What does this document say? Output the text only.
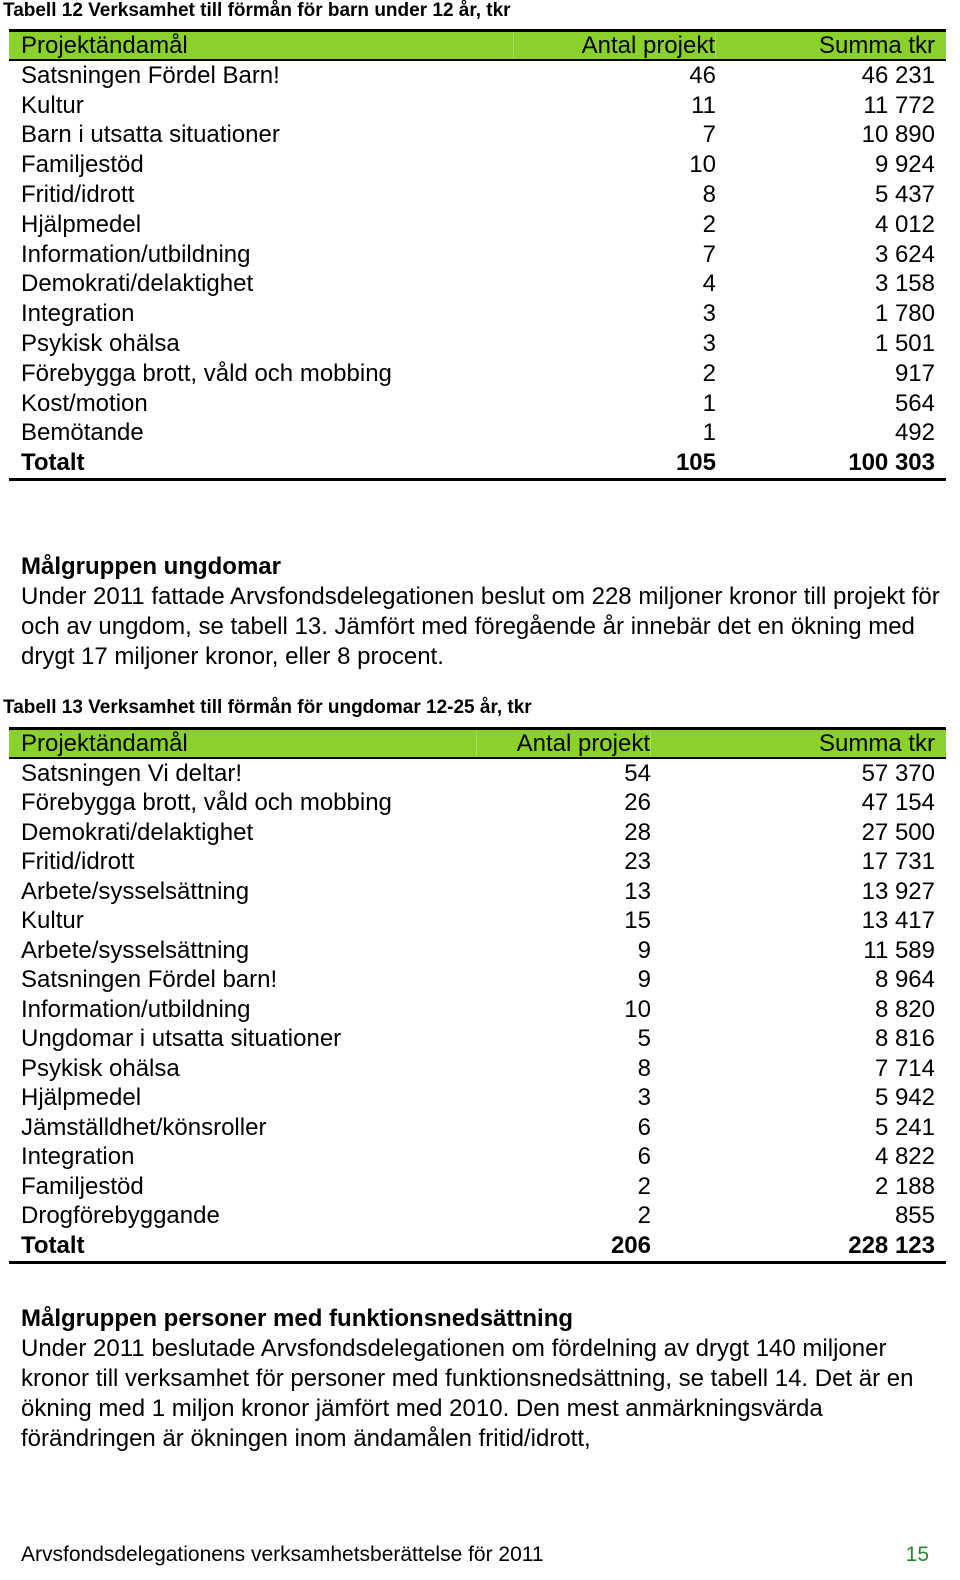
Tabell 12 Verksamhet till förmån för barn under 12 år, tkr
Projektändamål	Antal projekt	Summa tkr
Satsningen Fördel Barn!	46	46 231
Kultur	11	11 772
Barn i utsatta situationer	7	10 890
Familjestöd	10	9 924
Fritid/idrott	8	5 437
Hjälpmedel	2	4 012
Information/utbildning	7	3 624
Demokrati/delaktighet	4	3 158
Integration	3	1 780
Psykisk ohälsa	3	1 501
Förebygga brott, våld och mobbing	2	917
Kost/motion	1	564
Bemötande	1	492
Totalt	105	100 303
Målgruppen ungdomar

Under 2011 fattade Arvsfondsdelegationen beslut om 228 miljoner kronor till projekt för och av ungdom, se tabell 13. Jämfört med föregående år innebär det en ökning med drygt 17 miljoner kronor, eller 8 procent.

Tabell 13 Verksamhet till förmån för ungdomar 12-25 år, tkr
Projektändamål	Antal projekt	Summa tkr
Satsningen Vi deltar!	54	57 370
Förebygga brott, våld och mobbing	26	47 154
Demokrati/delaktighet	28	27 500
Fritid/idrott	23	17 731
Arbete/sysselsättning	13	13 927
Kultur	15	13 417
Arbete/sysselsättning	9	11 589
Satsningen Fördel barn!	9	8 964
Information/utbildning	10	8 820
Ungdomar i utsatta situationer	5	8 816
Psykisk ohälsa	8	7 714
Hjälpmedel	3	5 942
Jämställdhet/könsroller	6	5 241
Integration	6	4 822
Familjestöd	2	2 188
Drogförebyggande	2	855
Totalt	206	228 123
Målgruppen personer med funktionsnedsättning

Under 2011 beslutade Arvsfondsdelegationen om fördelning av drygt 140 miljoner kronor till verksamhet för personer med funktionsnedsättning, se tabell 14. Det är en ökning med 1 miljon kronor jämfört med 2010. Den mest anmärkningsvärda förändringen är ökningen inom ändamålen fritid/idrott,

Arvsfondsdelegationens verksamhetsberättelse för 2011	15
